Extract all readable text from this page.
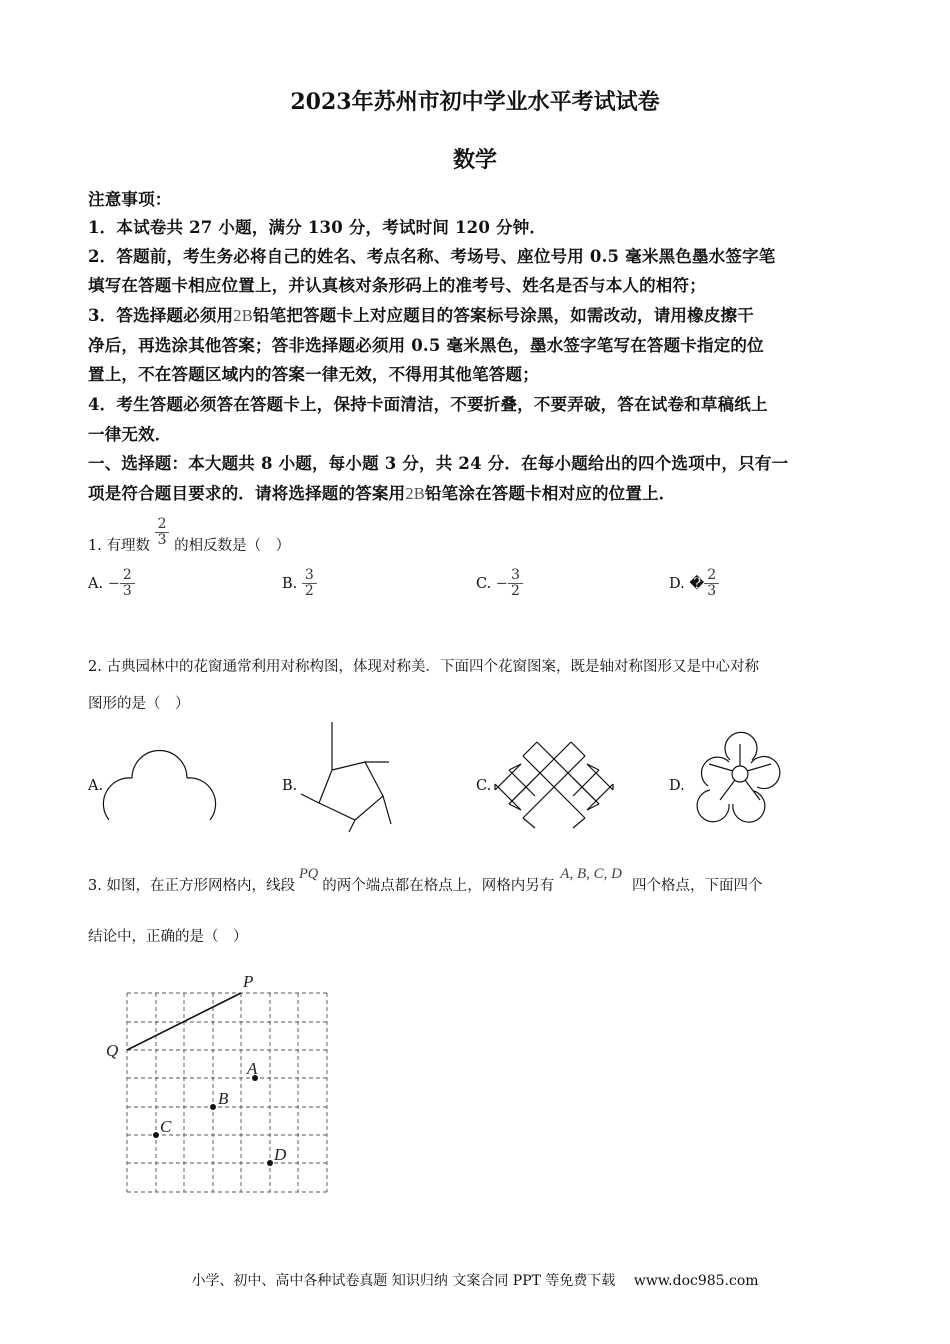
2023年苏州市初中学业水平考试试卷
数学
注意事项：
1．本试卷共 27 小题，满分 130 分，考试时间 120 分钟．
2．答题前，考生务必将自己的姓名、考点名称、考场号、座位号用 0.5 毫米黑色墨水签字笔
填写在答题卡相应位置上，并认真核对条形码上的准考号、姓名是否与本人的相符；
3．答选择题必须用2B铅笔把答题卡上对应题目的答案标号涂黑，如需改动，请用橡皮擦干
净后，再选涂其他答案；答非选择题必须用 0.5 毫米黑色，墨水签字笔写在答题卡指定的位
置上，不在答题区域内的答案一律无效，不得用其他笔答题；
4．考生答题必须答在答题卡上，保持卡面清洁，不要折叠，不要弄破，答在试卷和草稿纸上
一律无效．
一、选择题：本大题共 8 小题，每小题 3 分，共 24 分．在每小题给出的四个选项中，只有一
项是符合题目要求的．请将选择题的答案用2B铅笔涂在答题卡相对应的位置上．
1. 有理数 $\frac{2}{3}$ 的相反数是（　）
A. − $\frac{2}{3}$	B. $\frac{3}{2}$	C. − $\frac{3}{2}$	D. � $\frac{2}{3}$
2. 古典园林中的花窗通常利用对称构图，体现对称美．下面四个花窗图案，既是轴对称图形又是中心对称
图形的是（　）
A.	B.	C.	D.
3. 如图，在正方形网格内，线段PQ的两个端点都在格点上，网格内另有A, B, C, D四个格点，下面四个
结论中，正确的是（　）
P
Q
A
B
C
D
小学、初中、高中各种试卷真题 知识归纳 文案合同 PPT 等免费下载　 www.doc985.com
